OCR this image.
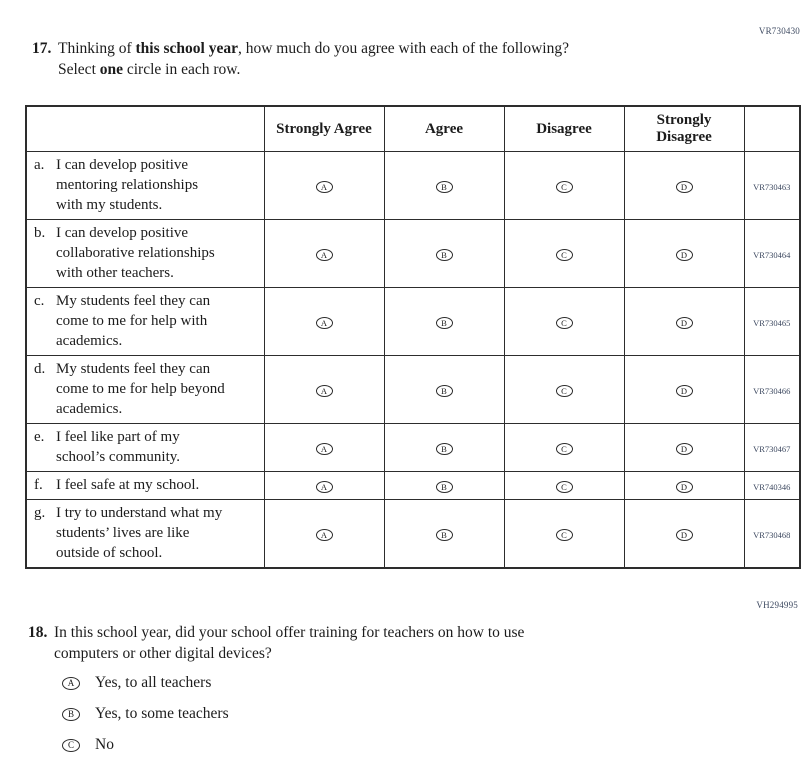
VR730430
17. Thinking of this school year, how much do you agree with each of the following?
Select one circle in each row.
	Strongly Agree	Agree	Disagree	Strongly
Disagree	

a. I can develop positive mentoring relationships with my students.	A	B	C	D	VR730463

b. I can develop positive collaborative relationships with other teachers.	A	B	C	D	VR730464

c. My students feel they can come to me for help with academics.	A	B	C	D	VR730465

d. My students feel they can come to me for help beyond academics.	A	B	C	D	VR730466

e. I feel like part of my school’s community.	A	B	C	D	VR730467

f. I feel safe at my school.	A	B	C	D	VR740346

g. I try to understand what my students’ lives are like outside of school.	A	B	C	D	VR730468
VH294995
18. In this school year, did your school offer training for teachers on how to use
computers or other digital devices?
A	Yes, to all teachers
B	Yes, to some teachers
C	No
